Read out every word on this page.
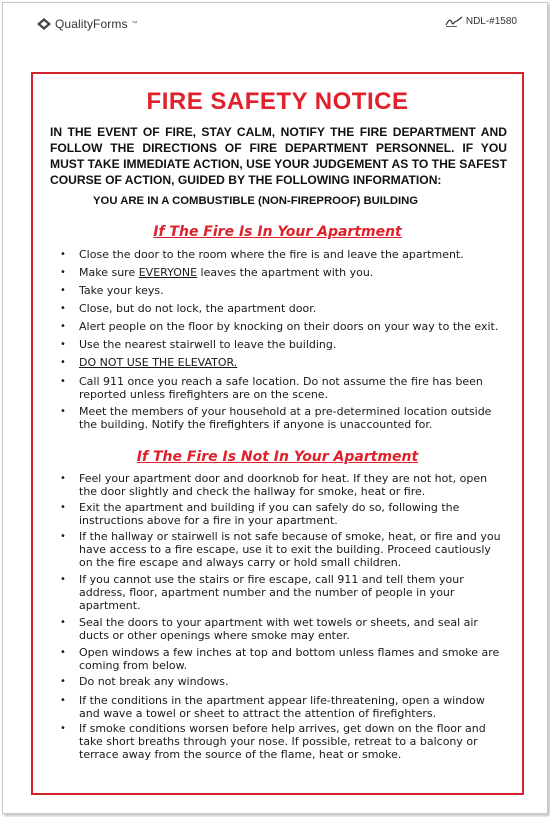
QualityForms ™	NDL-#1580
FIRE SAFETY NOTICE
IN THE EVENT OF FIRE, STAY CALM, NOTIFY THE FIRE DEPARTMENT AND FOLLOW THE DIRECTIONS OF FIRE DEPARTMENT PERSONNEL. IF YOU MUST TAKE IMMEDIATE ACTION, USE YOUR JUDGEMENT AS TO THE SAFEST COURSE OF ACTION, GUIDED BY THE FOLLOWING INFORMATION:
YOU ARE IN A COMBUSTIBLE (NON-FIREPROOF) BUILDING
If The Fire Is In Your Apartment
• Close the door to the room where the fire is and leave the apartment.
• Make sure EVERYONE leaves the apartment with you.
• Take your keys.
• Close, but do not lock, the apartment door.
• Alert people on the floor by knocking on their doors on your way to the exit.
• Use the nearest stairwell to leave the building.
• DO NOT USE THE ELEVATOR.
• Call 911 once you reach a safe location. Do not assume the fire has been reported unless firefighters are on the scene.
• Meet the members of your household at a pre-determined location outside the building. Notify the firefighters if anyone is unaccounted for.
If The Fire Is Not In Your Apartment
• Feel your apartment door and doorknob for heat. If they are not hot, open the door slightly and check the hallway for smoke, heat or fire.
• Exit the apartment and building if you can safely do so, following the instructions above for a fire in your apartment.
• If the hallway or stairwell is not safe because of smoke, heat, or fire and you have access to a fire escape, use it to exit the building. Proceed cautiously on the fire escape and always carry or hold small children.
• If you cannot use the stairs or fire escape, call 911 and tell them your address, floor, apartment number and the number of people in your apartment.
• Seal the doors to your apartment with wet towels or sheets, and seal air ducts or other openings where smoke may enter.
• Open windows a few inches at top and bottom unless flames and smoke are coming from below.
• Do not break any windows.
• If the conditions in the apartment appear life-threatening, open a window and wave a towel or sheet to attract the attention of firefighters.
• If smoke conditions worsen before help arrives, get down on the floor and take short breaths through your nose. If possible, retreat to a balcony or terrace away from the source of the flame, heat or smoke.
